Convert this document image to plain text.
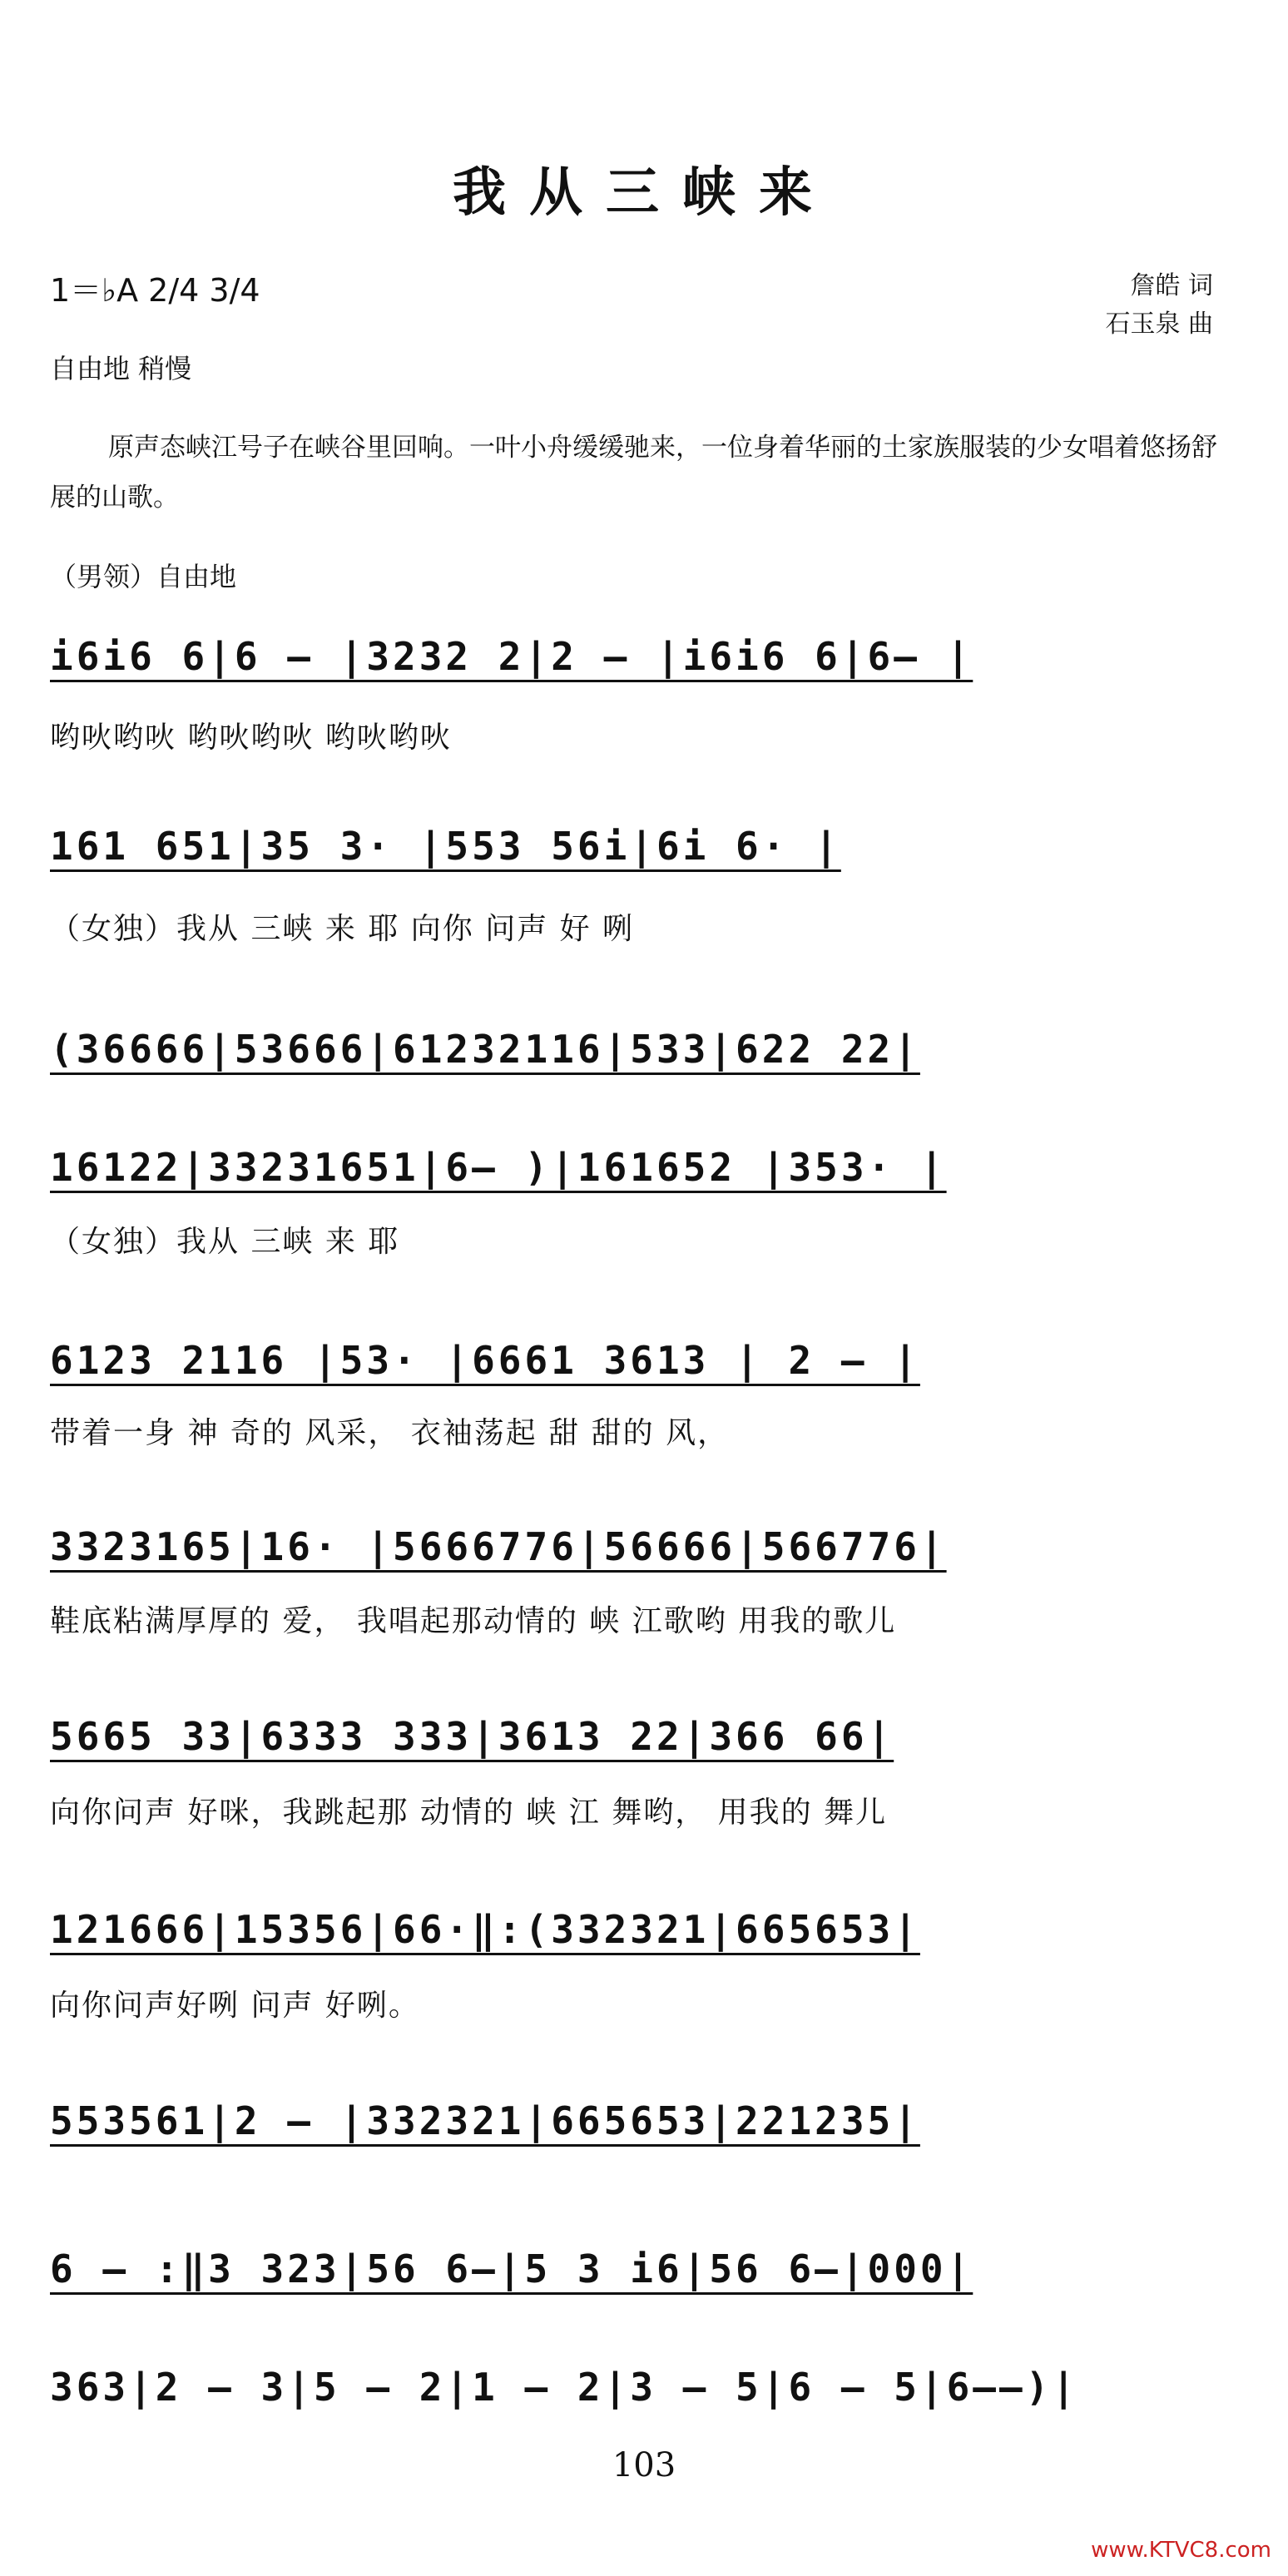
我从三峡来
1＝♭A 2/4 3/4	詹皓 词
石玉泉 曲
自由地 稍慢
原声态峡江号子在峡谷里回响。一叶小舟缓缓驰来，一位身着华丽的土家族服装的少女唱着悠扬舒展的山歌。
（男领）自由地
i6i6 6|6 — |3232 2|2 — |i6i6 6|6— |
哟吙哟吙 哟吙哟吙 哟吙哟吙
161 651|35 3· |553 56i|6i 6· |
（女独）我从 三峡 来 耶 向你 问声 好 咧
(36666|53666|61232116|533|622 22|
16122|33231651|6— )|161652 |353· |
（女独）我从 三峡 来 耶
6123 2116 |53· |6661 3613 | 2 — |
带着一身 神 奇的 风采， 衣袖荡起 甜 甜的 风，
3323165|16· |5666776|56666|566776|
鞋底粘满厚厚的 爱， 我唱起那动情的 峡 江歌哟 用我的歌儿
5665 33|6333 333|3613 22|366 66|
向你问声 好咪，我跳起那 动情的 峡 江 舞哟， 用我的 舞儿
121666|15356|66·‖:(332321|665653|
向你问声好咧 问声 好咧。
553561|2 — |332321|665653|221235|
6 — :‖3 323|56 6—|5 3 i6|56 6—|000|
363|2 — 3|5 — 2|1 — 2|3 — 5|6 — 5|6——)|
103
www.KTVC8.com
